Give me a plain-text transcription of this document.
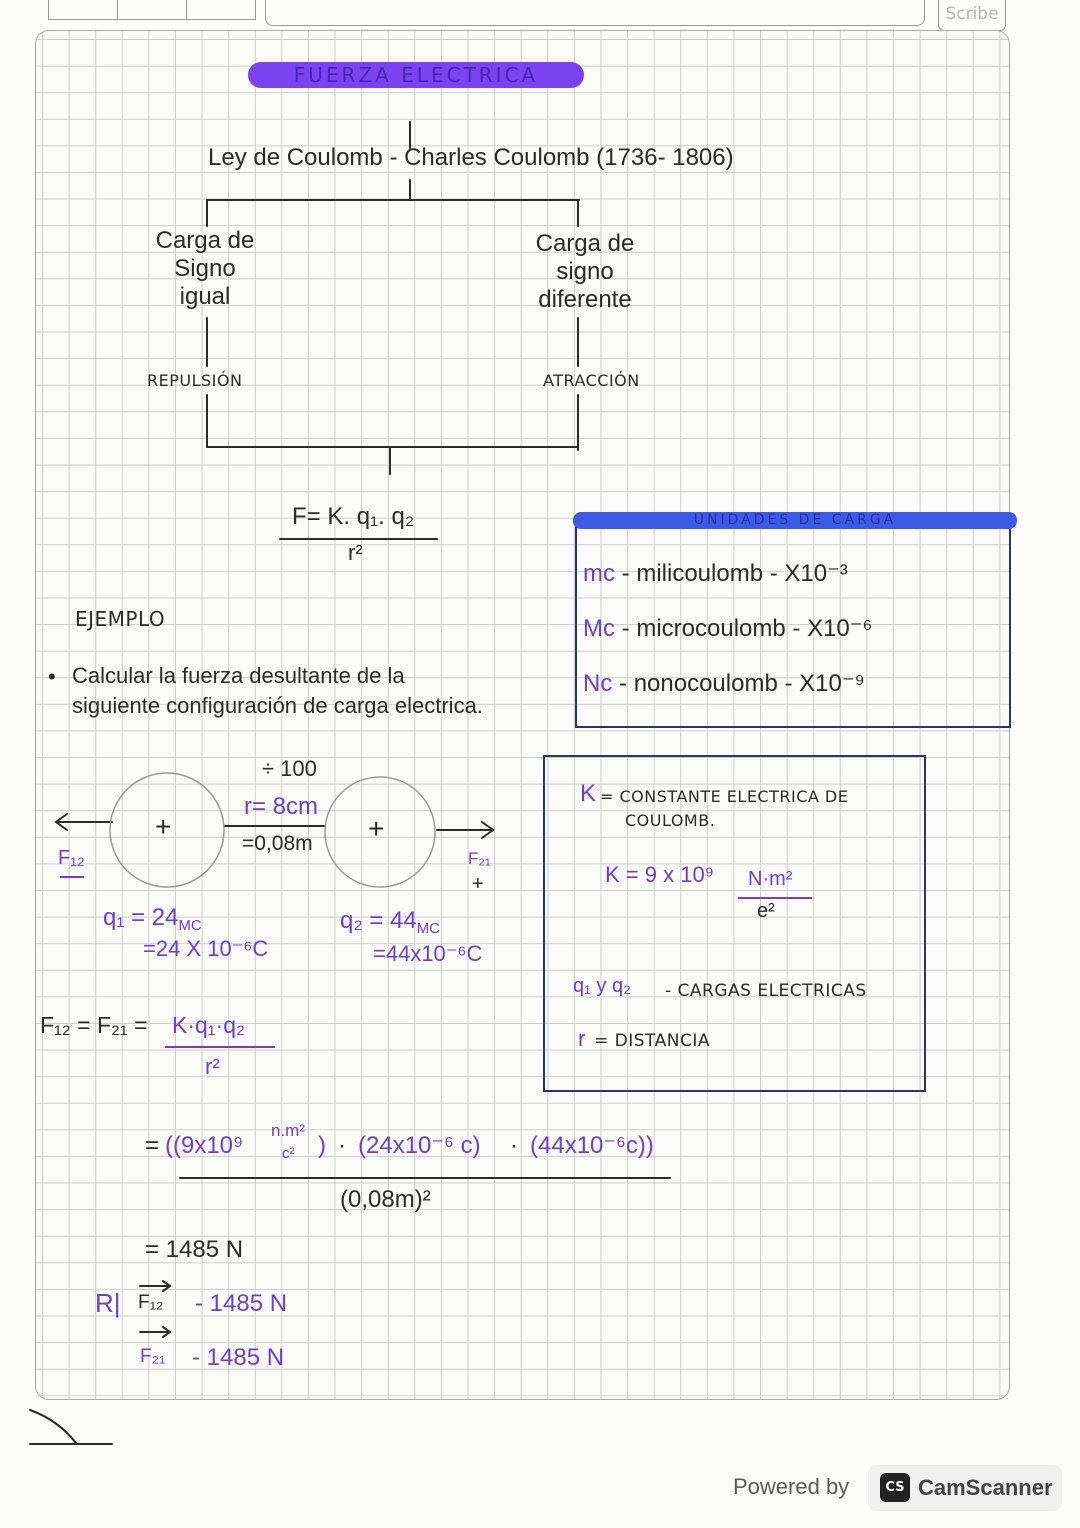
Scribe
FUERZA ELECTRICA
Ley de Coulomb - Charles Coulomb (1736- 1806)
Carga de
Signo
igual
Carga de
signo
diferente
REPULSIÓN	ATRACCIÓN
F= K. q₁. q₂
r²
UNIDADES DE CARGA
mc - milicoulomb - X10⁻³
Mc - microcoulomb - X10⁻⁶
Nc - nonocoulomb - X10⁻⁹
EJEMPLO
• Calcular la fuerza desultante de la
siguiente configuración de carga electrica.
÷ 100
r= 8cm
=0,08m
+	+
F₁₂	F₂₁
+
$q_1 = 24_{MC}$
=24 X 10⁻⁶C
$q_2 = 44_{MC}$
=44x10⁻⁶C
K = CONSTANTE ELECTRICA DE
COULOMB.
K = 9 x 10⁹ N·m²
e²
q₁ y q₂ - CARGAS ELECTRICAS
r = DISTANCIA
F₁₂ = F₂₁ = K·q₁·q₂
r²
= ((9x10⁹
n.m²
c² ) · (24x10⁻⁶ c) · (44x10⁻⁶c))
(0,08m)²
= 1485 N
R| F₁₂ - 1485 N
F₂₁ - 1485 N
Powered by	CS CamScanner
